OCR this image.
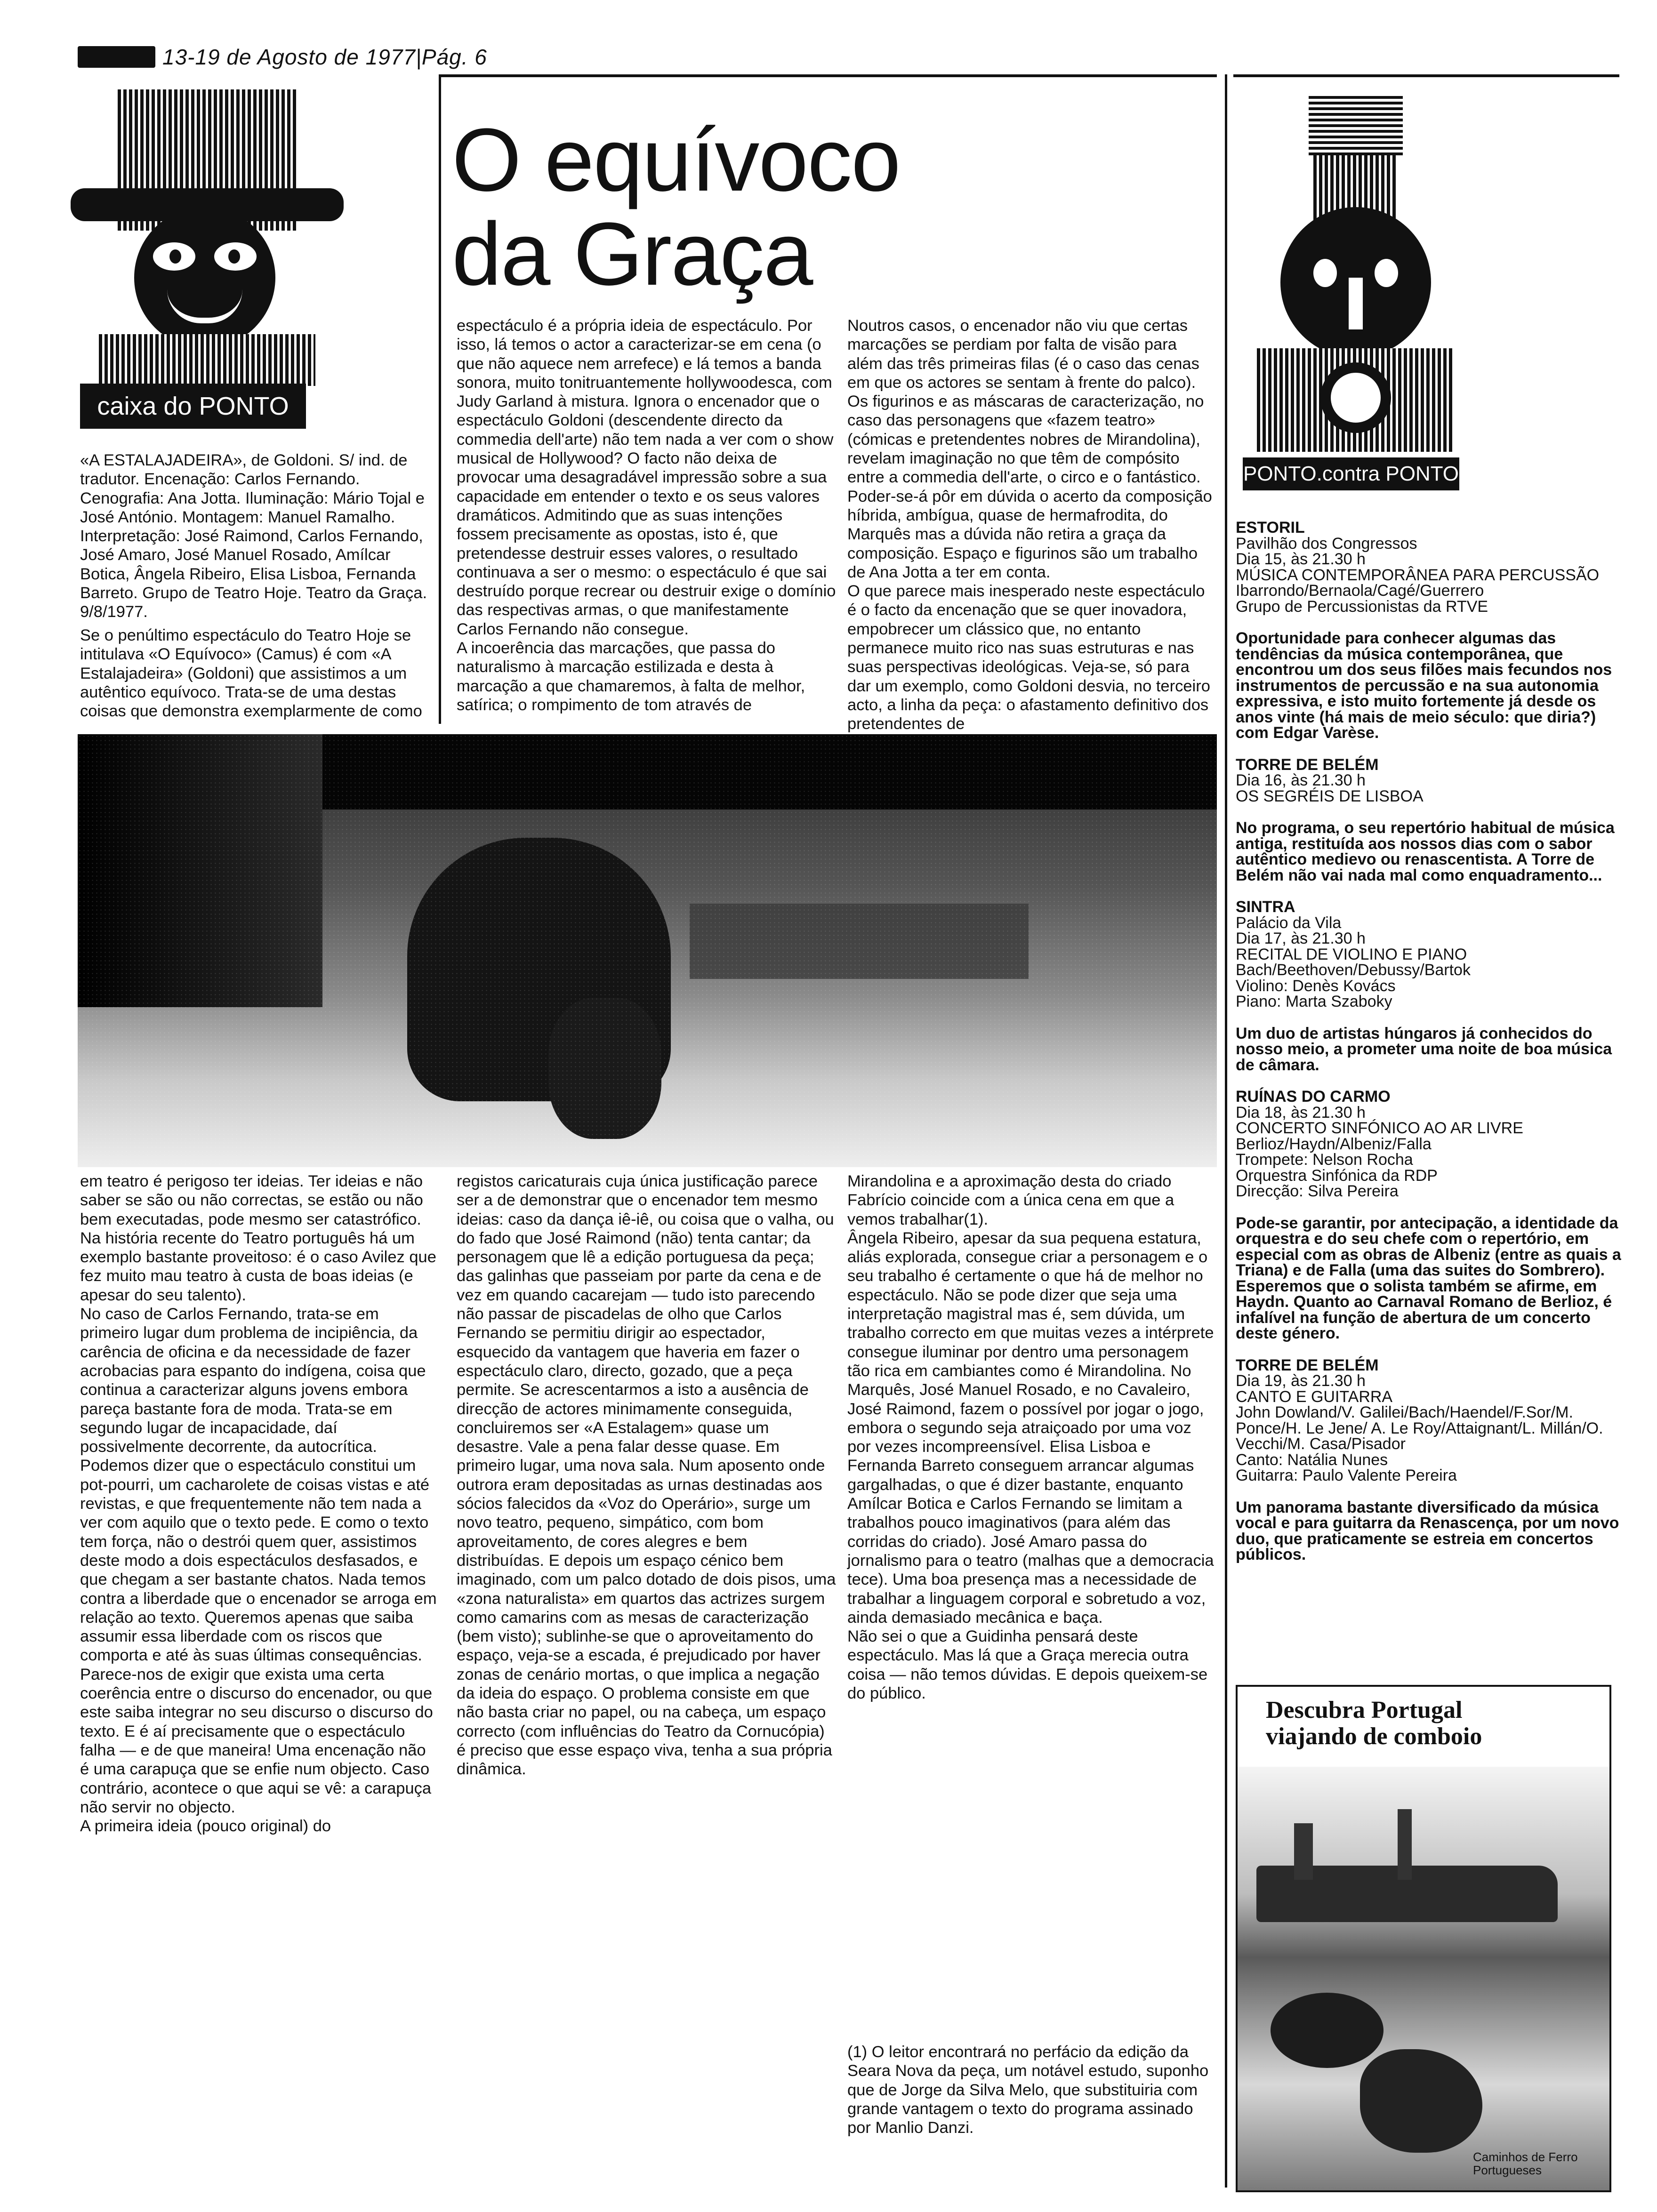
13-19 de Agosto de 1977|Pág. 6
caixa do PONTO
PONTO.contra PONTO
O equívoco
da Graça
«A ESTALAJADEIRA», de Goldoni. S/ ind. de tradutor. Encenação: Carlos Fernando. Cenografia: Ana Jotta. Iluminação: Mário Tojal e José António. Montagem: Manuel Ramalho. Interpretação: José Raimond, Carlos Fernando, José Amaro, José Manuel Rosado, Amílcar Botica, Ângela Ribeiro, Elisa Lisboa, Fernanda Barreto. Grupo de Teatro Hoje. Teatro da Graça. 9/8/1977.
Se o penúltimo espectáculo do Teatro Hoje se intitulava «O Equívoco» (Camus) é com «A Estalajadeira» (Goldoni) que assistimos a um autêntico equívoco. Trata-se de uma destas coisas que demonstra exemplarmente de como
espectáculo é a própria ideia de espectáculo. Por isso, lá temos o actor a caracterizar-se em cena (o que não aquece nem arrefece) e lá temos a banda sonora, muito tonitruantemente hollywoodesca, com Judy Garland à mistura. Ignora o encenador que o espectáculo Goldoni (descendente directo da commedia dell'arte) não tem nada a ver com o show musical de Hollywood? O facto não deixa de provocar uma desagradável impressão sobre a sua capacidade em entender o texto e os seus valores dramáticos. Admitindo que as suas intenções fossem precisamente as opostas, isto é, que pretendesse destruir esses valores, o resultado continuava a ser o mesmo: o espectáculo é que sai destruído porque recrear ou destruir exige o domínio das respectivas armas, o que manifestamente Carlos Fernando não consegue.
A incoerência das marcações, que passa do naturalismo à marcação estilizada e desta à marcação a que chamaremos, à falta de melhor, satírica; o rompimento de tom através de
Noutros casos, o encenador não viu que certas marcações se perdiam por falta de visão para além das três primeiras filas (é o caso das cenas em que os actores se sentam à frente do palco). Os figurinos e as máscaras de caracterização, no caso das personagens que «fazem teatro» (cómicas e pretendentes nobres de Mirandolina), revelam imaginação no que têm de compósito entre a commedia dell'arte, o circo e o fantástico. Poder-se-á pôr em dúvida o acerto da composição híbrida, ambígua, quase de hermafrodita, do Marquês mas a dúvida não retira a graça da composição. Espaço e figurinos são um trabalho de Ana Jotta a ter em conta.
O que parece mais inesperado neste espectáculo é o facto da encenação que se quer inovadora, empobrecer um clássico que, no entanto permanece muito rico nas suas estruturas e nas suas perspectivas ideológicas. Veja-se, só para dar um exemplo, como Goldoni desvia, no terceiro acto, a linha da peça: o afastamento definitivo dos pretendentes de
em teatro é perigoso ter ideias. Ter ideias e não saber se são ou não correctas, se estão ou não bem executadas, pode mesmo ser catastrófico. Na história recente do Teatro português há um exemplo bastante proveitoso: é o caso Avilez que fez muito mau teatro à custa de boas ideias (e apesar do seu talento).
No caso de Carlos Fernando, trata-se em primeiro lugar dum problema de incipiência, da carência de oficina e da necessidade de fazer acrobacias para espanto do indígena, coisa que continua a caracterizar alguns jovens embora pareça bastante fora de moda. Trata-se em segundo lugar de incapacidade, daí possivelmente decorrente, da autocrítica.
Podemos dizer que o espectáculo constitui um pot-pourri, um cacharolete de coisas vistas e até revistas, e que frequentemente não tem nada a ver com aquilo que o texto pede. E como o texto tem força, não o destrói quem quer, assistimos deste modo a dois espectáculos desfasados, e que chegam a ser bastante chatos. Nada temos contra a liberdade que o encenador se arroga em relação ao texto. Queremos apenas que saiba assumir essa liberdade com os riscos que comporta e até às suas últimas consequências. Parece-nos de exigir que exista uma certa coerência entre o discurso do encenador, ou que este saiba integrar no seu discurso o discurso do texto. E é aí precisamente que o espectáculo falha — e de que maneira! Uma encenação não é uma carapuça que se enfie num objecto. Caso contrário, acontece o que aqui se vê: a carapuça não servir no objecto.
A primeira ideia (pouco original) do
registos caricaturais cuja única justificação parece ser a de demonstrar que o encenador tem mesmo ideias: caso da dança iê-iê, ou coisa que o valha, ou do fado que José Raimond (não) tenta cantar; da personagem que lê a edição portuguesa da peça; das galinhas que passeiam por parte da cena e de vez em quando cacarejam — tudo isto parecendo não passar de piscadelas de olho que Carlos Fernando se permitiu dirigir ao espectador, esquecido da vantagem que haveria em fazer o espectáculo claro, directo, gozado, que a peça permite. Se acrescentarmos a isto a ausência de direcção de actores minimamente conseguida, concluiremos ser «A Estalagem» quase um desastre. Vale a pena falar desse quase. Em primeiro lugar, uma nova sala. Num aposento onde outrora eram depositadas as urnas destinadas aos sócios falecidos da «Voz do Operário», surge um novo teatro, pequeno, simpático, com bom aproveitamento, de cores alegres e bem distribuídas. E depois um espaço cénico bem imaginado, com um palco dotado de dois pisos, uma «zona naturalista» em quartos das actrizes surgem como camarins com as mesas de caracterização (bem visto); sublinhe-se que o aproveitamento do espaço, veja-se a escada, é prejudicado por haver zonas de cenário mortas, o que implica a negação da ideia do espaço. O problema consiste em que não basta criar no papel, ou na cabeça, um espaço correcto (com influências do Teatro da Cornucópia) é preciso que esse espaço viva, tenha a sua própria dinâmica.
Mirandolina e a aproximação desta do criado Fabrício coincide com a única cena em que a vemos trabalhar(1).
Ângela Ribeiro, apesar da sua pequena estatura, aliás explorada, consegue criar a personagem e o seu trabalho é certamente o que há de melhor no espectáculo. Não se pode dizer que seja uma interpretação magistral mas é, sem dúvida, um trabalho correcto em que muitas vezes a intérprete consegue iluminar por dentro uma personagem tão rica em cambiantes como é Mirandolina. No Marquês, José Manuel Rosado, e no Cavaleiro, José Raimond, fazem o possível por jogar o jogo, embora o segundo seja atraiçoado por uma voz por vezes incompreensível. Elisa Lisboa e Fernanda Barreto conseguem arrancar algumas gargalhadas, o que é dizer bastante, enquanto Amílcar Botica e Carlos Fernando se limitam a trabalhos pouco imaginativos (para além das corridas do criado). José Amaro passa do jornalismo para o teatro (malhas que a democracia tece). Uma boa presença mas a necessidade de trabalhar a linguagem corporal e sobretudo a voz, ainda demasiado mecânica e baça.
Não sei o que a Guidinha pensará deste espectáculo. Mas lá que a Graça merecia outra coisa — não temos dúvidas. E depois queixem-se do público.
(1) O leitor encontrará no perfácio da edição da Seara Nova da peça, um notável estudo, suponho que de Jorge da Silva Melo, que substituiria com grande vantagem o texto do programa assinado por Manlio Danzi.
ESTORIL
Pavilhão dos Congressos
Dia 15, às 21.30 h
MÚSICA CONTEMPORÂNEA PARA PERCUSSÃO
Ibarrondo/Bernaola/Cagé/Guerrero
Grupo de Percussionistas da RTVE
Oportunidade para conhecer algumas das tendências da música contemporânea, que encontrou um dos seus filões mais fecundos nos instrumentos de percussão e na sua autonomia expressiva, e isto muito fortemente já desde os anos vinte (há mais de meio século: que diria?) com Edgar Varèse.
TORRE DE BELÉM
Dia 16, às 21.30 h
OS SEGRÉIS DE LISBOA
No programa, o seu repertório habitual de música antiga, restituída aos nossos dias com o sabor autêntico medievo ou renascentista. A Torre de Belém não vai nada mal como enquadramento...
SINTRA
Palácio da Vila
Dia 17, às 21.30 h
RECITAL DE VIOLINO E PIANO
Bach/Beethoven/Debussy/Bartok
Violino: Denès Kovács
Piano: Marta Szaboky
Um duo de artistas húngaros já conhecidos do nosso meio, a prometer uma noite de boa música de câmara.
RUÍNAS DO CARMO
Dia 18, às 21.30 h
CONCERTO SINFÓNICO AO AR LIVRE
Berlioz/Haydn/Albeniz/Falla
Trompete: Nelson Rocha
Orquestra Sinfónica da RDP
Direcção: Silva Pereira
Pode-se garantir, por antecipação, a identidade da orquestra e do seu chefe com o repertório, em especial com as obras de Albeniz (entre as quais a Triana) e de Falla (uma das suites do Sombrero). Esperemos que o solista também se afirme, em Haydn. Quanto ao Carnaval Romano de Berlioz, é infalível na função de abertura de um concerto deste género.
TORRE DE BELÉM
Dia 19, às 21.30 h
CANTO E GUITARRA
John Dowland/V. Galilei/Bach/Haendel/F.Sor/M. Ponce/H. Le Jene/ A. Le Roy/Attaignant/L. Millán/O. Vecchi/M. Casa/Pisador
Canto: Natália Nunes
Guitarra: Paulo Valente Pereira
Um panorama bastante diversificado da música vocal e para guitarra da Renascença, por um novo duo, que praticamente se estreia em concertos públicos.
Descubra Portugal
viajando de comboio
Caminhos de Ferro
Portugueses
